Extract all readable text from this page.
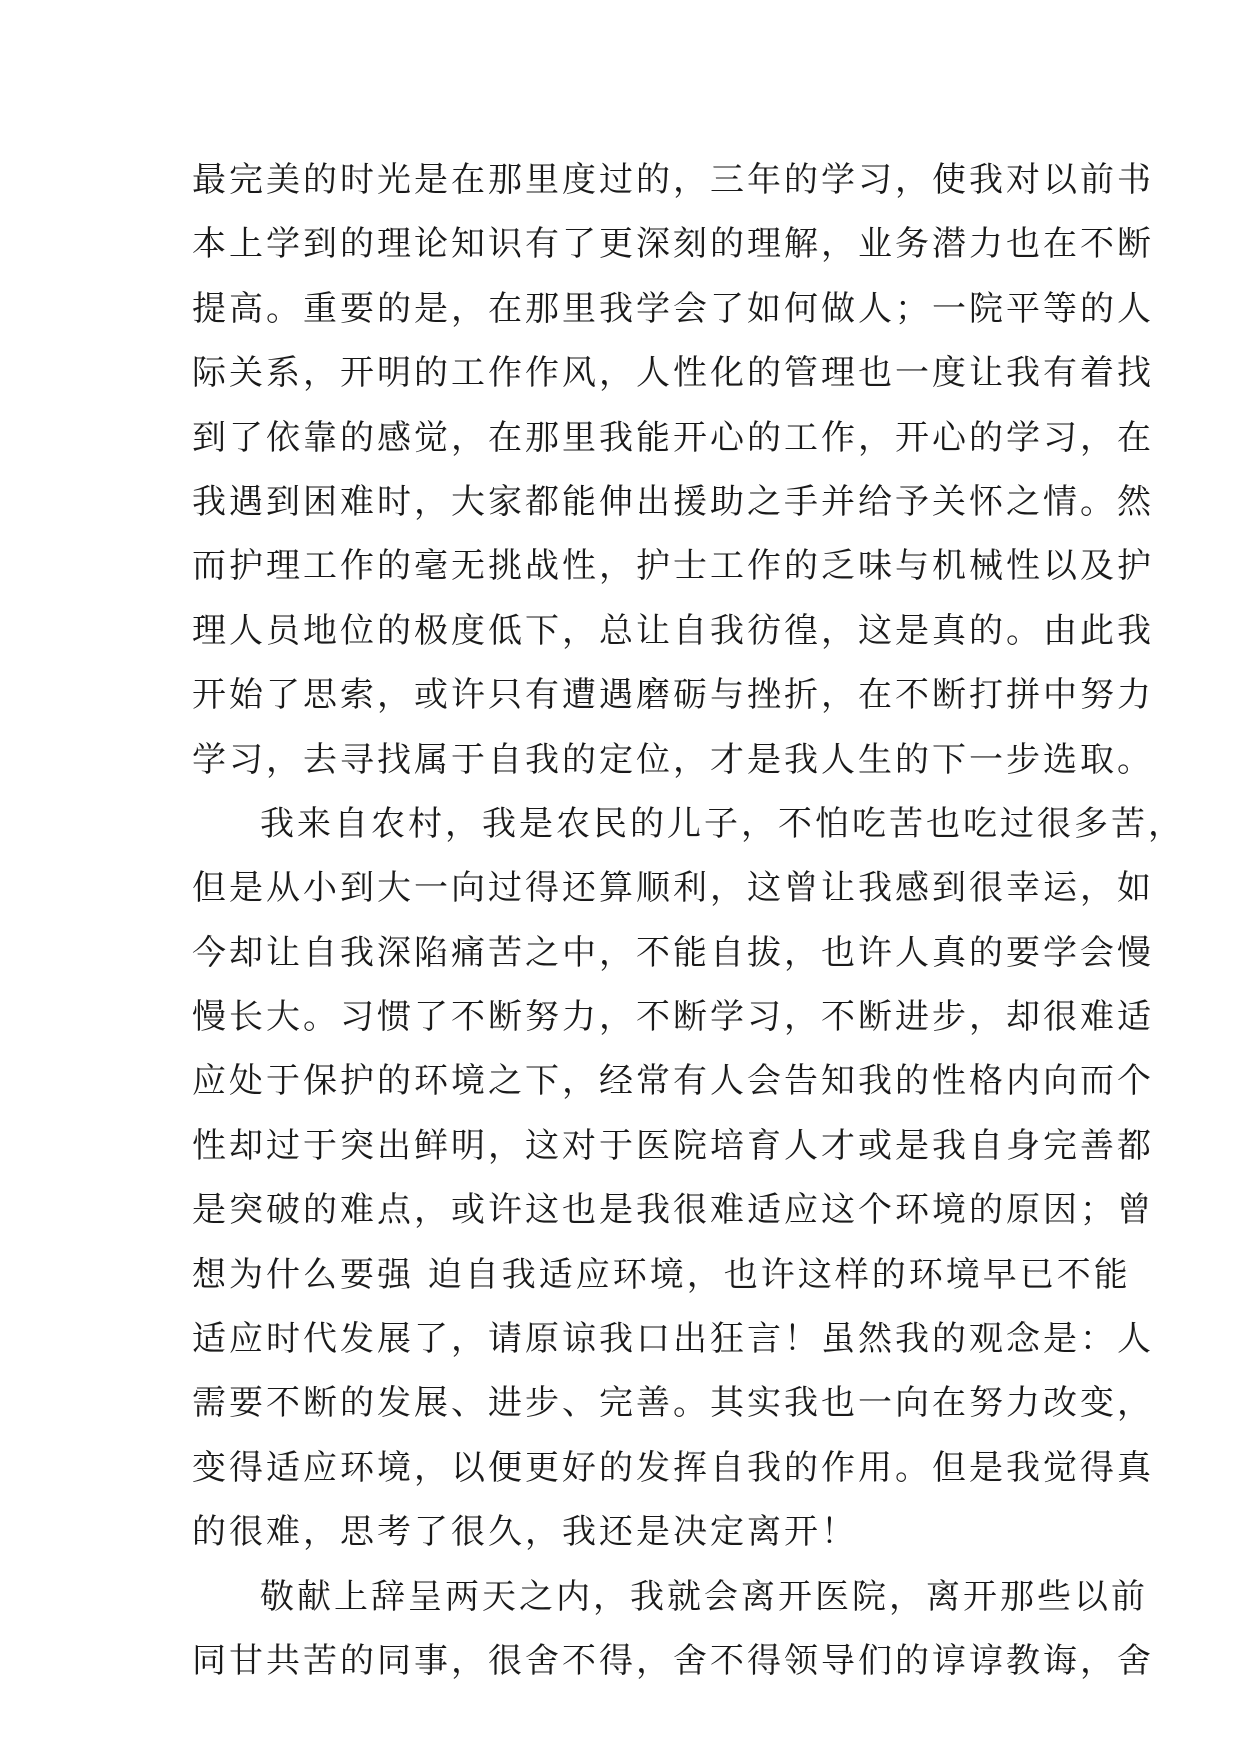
最完美的时光是在那里度过的，三年的学习，使我对以前书
本上学到的理论知识有了更深刻的理解，业务潜力也在不断
提高。重要的是，在那里我学会了如何做人；一院平等的人
际关系，开明的工作作风，人性化的管理也一度让我有着找
到了依靠的感觉，在那里我能开心的工作，开心的学习，在
我遇到困难时，大家都能伸出援助之手并给予关怀之情。然
而护理工作的毫无挑战性，护士工作的乏味与机械性以及护
理人员地位的极度低下，总让自我彷徨，这是真的。由此我
开始了思索，或许只有遭遇磨砺与挫折，在不断打拼中努力
学习，去寻找属于自我的定位，才是我人生的下一步选取。
我来自农村，我是农民的儿子，不怕吃苦也吃过很多苦，
但是从小到大一向过得还算顺利，这曾让我感到很幸运，如
今却让自我深陷痛苦之中，不能自拔，也许人真的要学会慢
慢长大。习惯了不断努力，不断学习，不断进步，却很难适
应处于保护的环境之下，经常有人会告知我的性格内向而个
性却过于突出鲜明，这对于医院培育人才或是我自身完善都
是突破的难点，或许这也是我很难适应这个环境的原因；曾
想为什么要强 迫自我适应环境，也许这样的环境早已不能
适应时代发展了，请原谅我口出狂言！虽然我的观念是：人
需要不断的发展、进步、完善。其实我也一向在努力改变，
变得适应环境，以便更好的发挥自我的作用。但是我觉得真
的很难，思考了很久，我还是决定离开！
敬献上辞呈两天之内，我就会离开医院，离开那些以前
同甘共苦的同事，很舍不得，舍不得领导们的谆谆教诲，舍
